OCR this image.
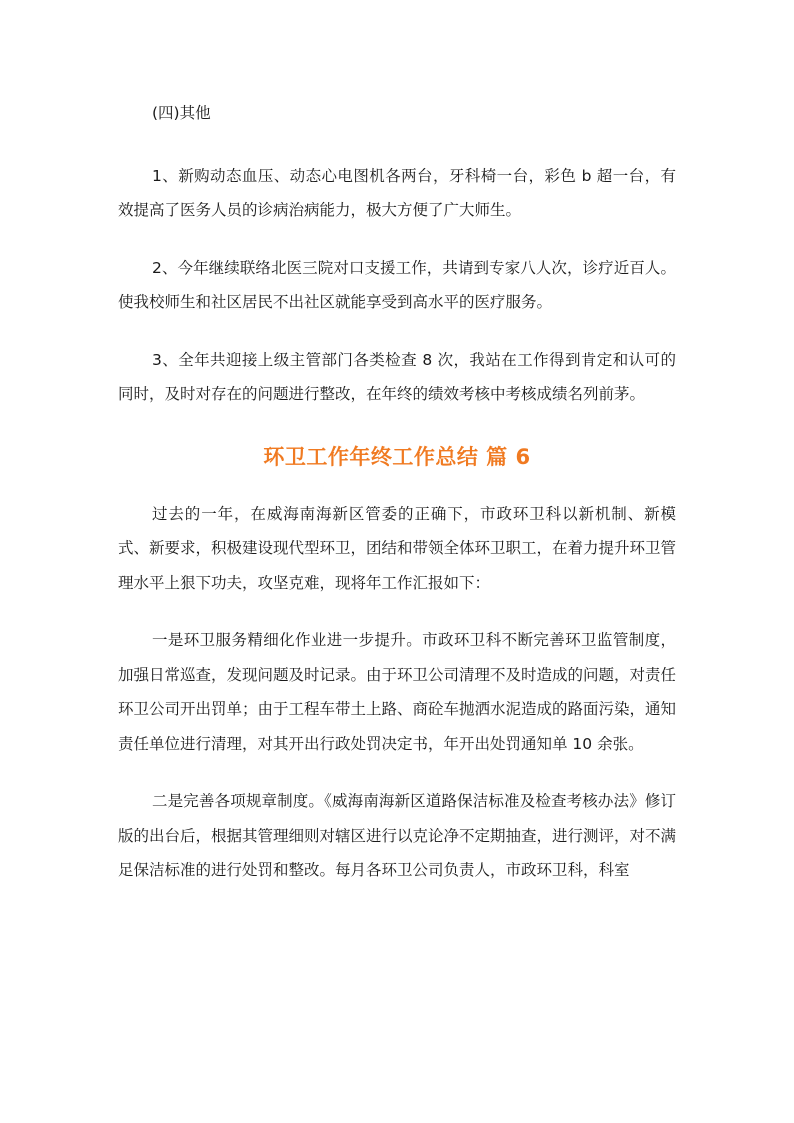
(四)其他

1、新购动态血压、动态心电图机各两台，牙科椅一台，彩色 b 超一台，有效提高了医务人员的诊病治病能力，极大方便了广大师生。

2、今年继续联络北医三院对口支援工作，共请到专家八人次，诊疗近百人。使我校师生和社区居民不出社区就能享受到高水平的医疗服务。

3、全年共迎接上级主管部门各类检查 8 次，我站在工作得到肯定和认可的同时，及时对存在的问题进行整改，在年终的绩效考核中考核成绩名列前茅。

环卫工作年终工作总结 篇 6

过去的一年，在威海南海新区管委的正确下，市政环卫科以新机制、新模式、新要求，积极建设现代型环卫，团结和带领全体环卫职工，在着力提升环卫管理水平上狠下功夫，攻坚克难，现将年工作汇报如下：

一是环卫服务精细化作业进一步提升。市政环卫科不断完善环卫监管制度，加强日常巡查，发现问题及时记录。由于环卫公司清理不及时造成的问题，对责任环卫公司开出罚单；由于工程车带土上路、商砼车抛洒水泥造成的路面污染，通知责任单位进行清理，对其开出行政处罚决定书，年开出处罚通知单 10 余张。

二是完善各项规章制度。《威海南海新区道路保洁标准及检查考核办法》修订版的出台后，根据其管理细则对辖区进行以克论净不定期抽查，进行测评，对不满足保洁标准的进行处罚和整改。每月各环卫公司负责人，市政环卫科，科室
